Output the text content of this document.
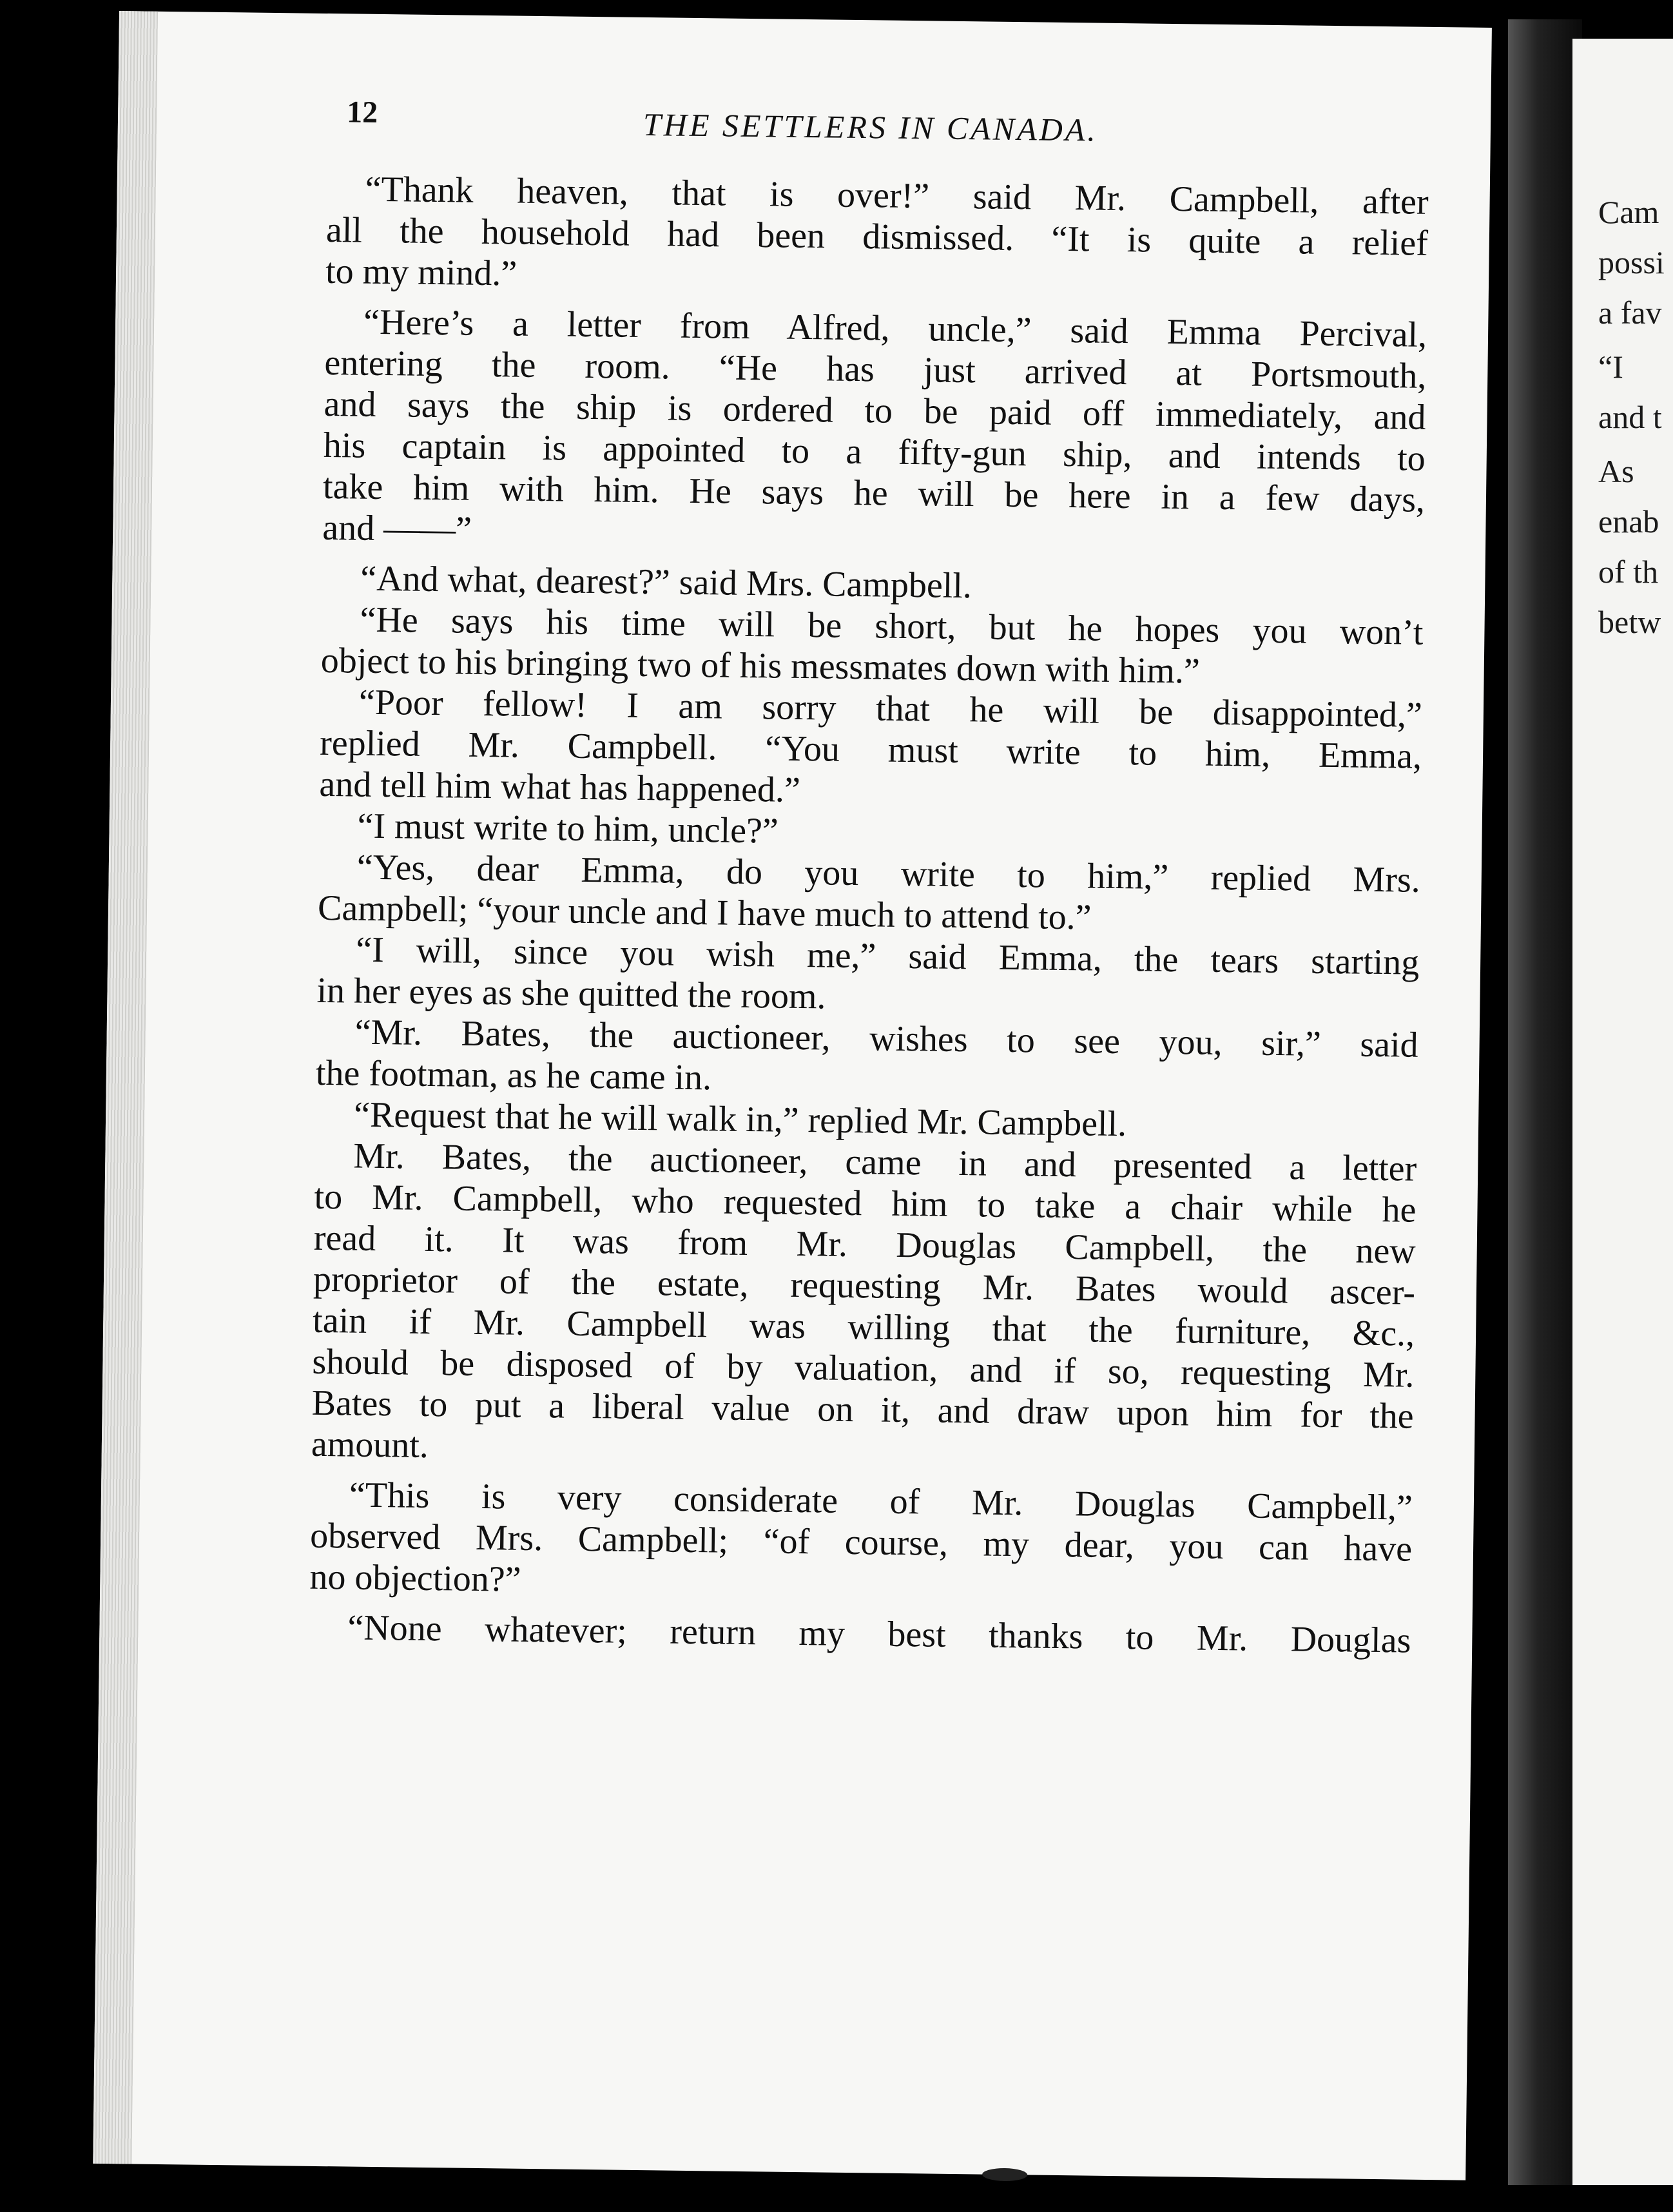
Cam
possi
a fav
“I
and t
As
enab
of th
betw
12	THE SETTLERS IN CANADA.
“Thank heaven, that is over!” said Mr. Campbell, after
all the household had been dismissed. “It is quite a relief
to my mind.”
“Here’s a letter from Alfred, uncle,” said Emma Percival,
entering the room. “He has just arrived at Portsmouth,
and says the ship is ordered to be paid off immediately, and
his captain is appointed to a fifty-gun ship, and intends to
take him with him. He says he will be here in a few days,
and ——”
“And what, dearest?” said Mrs. Campbell.
“He says his time will be short, but he hopes you won’t
object to his bringing two of his messmates down with him.”
“Poor fellow! I am sorry that he will be disappointed,”
replied Mr. Campbell. “You must write to him, Emma,
and tell him what has happened.”
“I must write to him, uncle?”
“Yes, dear Emma, do you write to him,” replied Mrs.
Campbell; “your uncle and I have much to attend to.”
“I will, since you wish me,” said Emma, the tears starting
in her eyes as she quitted the room.
“Mr. Bates, the auctioneer, wishes to see you, sir,” said
the footman, as he came in.
“Request that he will walk in,” replied Mr. Campbell.
Mr. Bates, the auctioneer, came in and presented a letter
to Mr. Campbell, who requested him to take a chair while he
read it. It was from Mr. Douglas Campbell, the new
proprietor of the estate, requesting Mr. Bates would ascer-
tain if Mr. Campbell was willing that the furniture, &c.,
should be disposed of by valuation, and if so, requesting Mr.
Bates to put a liberal value on it, and draw upon him for the
amount.
“This is very considerate of Mr. Douglas Campbell,”
observed Mrs. Campbell; “of course, my dear, you can have
no objection?”
“None whatever; return my best thanks to Mr. Douglas
